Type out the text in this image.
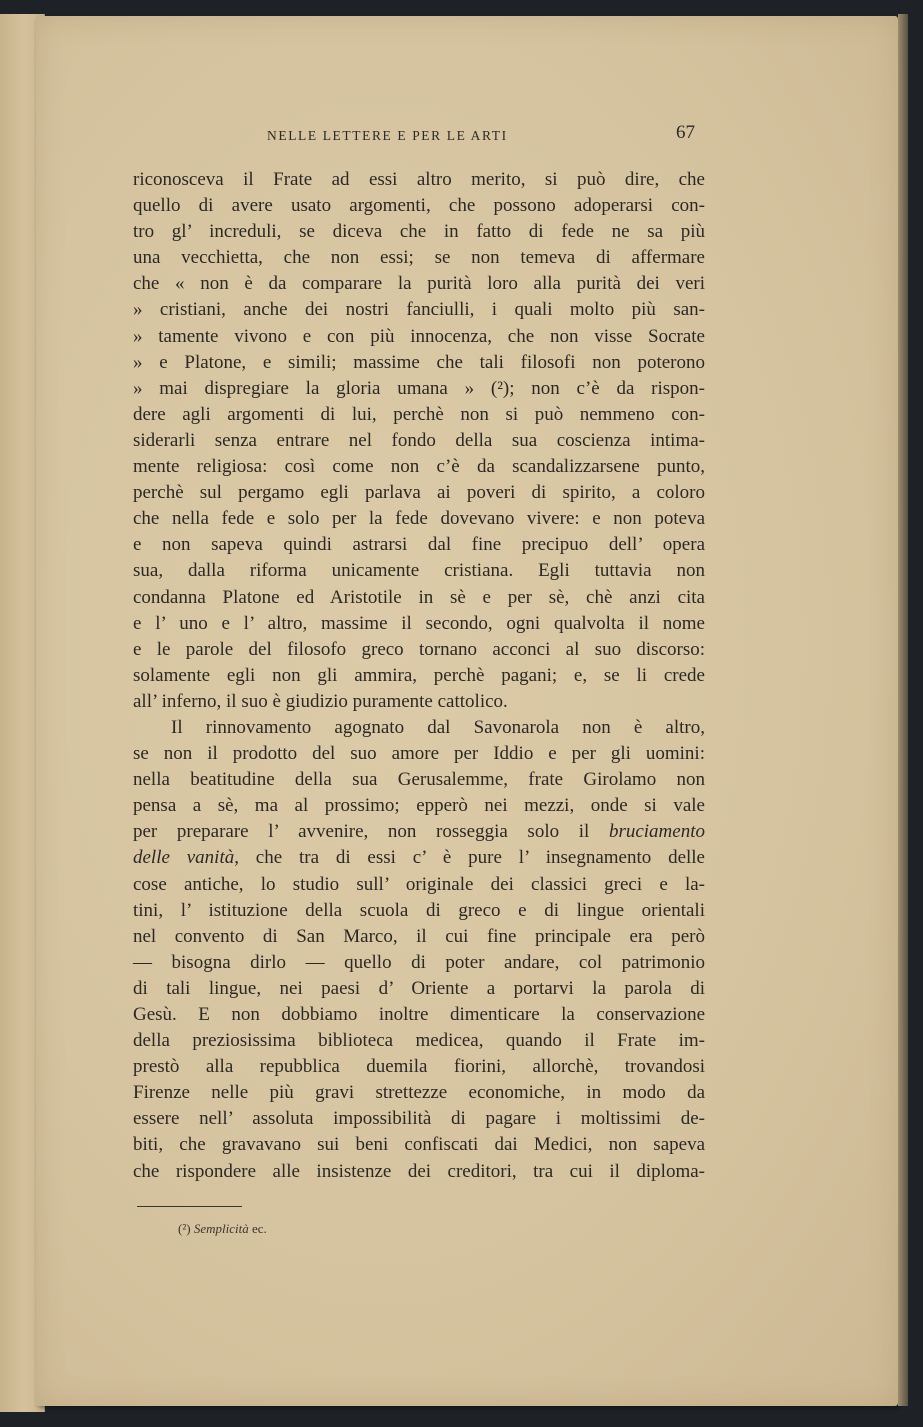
NELLE LETTERE E PER LE ARTI	67
riconosceva il Frate ad essi altro merito, si può dire, che
quello di avere usato argomenti, che possono adoperarsi con-
tro gl’ increduli, se diceva che in fatto di fede ne sa più
una vecchietta, che non essi; se non temeva di affermare
che « non è da comparare la purità loro alla purità dei veri
» cristiani, anche dei nostri fanciulli, i quali molto più san-
» tamente vivono e con più innocenza, che non visse Socrate
» e Platone, e simili; massime che tali filosofi non poterono
» mai dispregiare la gloria umana » (²); non c’è da rispon-
dere agli argomenti di lui, perchè non si può nemmeno con-
siderarli senza entrare nel fondo della sua coscienza intima-
mente religiosa: così come non c’è da scandalizzarsene punto,
perchè sul pergamo egli parlava ai poveri di spirito, a coloro
che nella fede e solo per la fede dovevano vivere: e non poteva
e non sapeva quindi astrarsi dal fine precipuo dell’ opera
sua, dalla riforma unicamente cristiana. Egli tuttavia non
condanna Platone ed Aristotile in sè e per sè, chè anzi cita
e l’ uno e l’ altro, massime il secondo, ogni qualvolta il nome
e le parole del filosofo greco tornano acconci al suo discorso:
solamente egli non gli ammira, perchè pagani; e, se li crede
all’ inferno, il suo è giudizio puramente cattolico.
Il rinnovamento agognato dal Savonarola non è altro,
se non il prodotto del suo amore per Iddio e per gli uomini:
nella beatitudine della sua Gerusalemme, frate Girolamo non
pensa a sè, ma al prossimo; epperò nei mezzi, onde si vale
per preparare l’ avvenire, non rosseggia solo il bruciamento
delle vanità, che tra di essi c’ è pure l’ insegnamento delle
cose antiche, lo studio sull’ originale dei classici greci e la-
tini, l’ istituzione della scuola di greco e di lingue orientali
nel convento di San Marco, il cui fine principale era però
— bisogna dirlo — quello di poter andare, col patrimonio
di tali lingue, nei paesi d’ Oriente a portarvi la parola di
Gesù. E non dobbiamo inoltre dimenticare la conservazione
della preziosissima biblioteca medicea, quando il Frate im-
prestò alla repubblica duemila fiorini, allorchè, trovandosi
Firenze nelle più gravi strettezze economiche, in modo da
essere nell’ assoluta impossibilità di pagare i moltissimi de-
biti, che gravavano sui beni confiscati dai Medici, non sapeva
che rispondere alle insistenze dei creditori, tra cui il diploma-
(²) Semplicità ec.
